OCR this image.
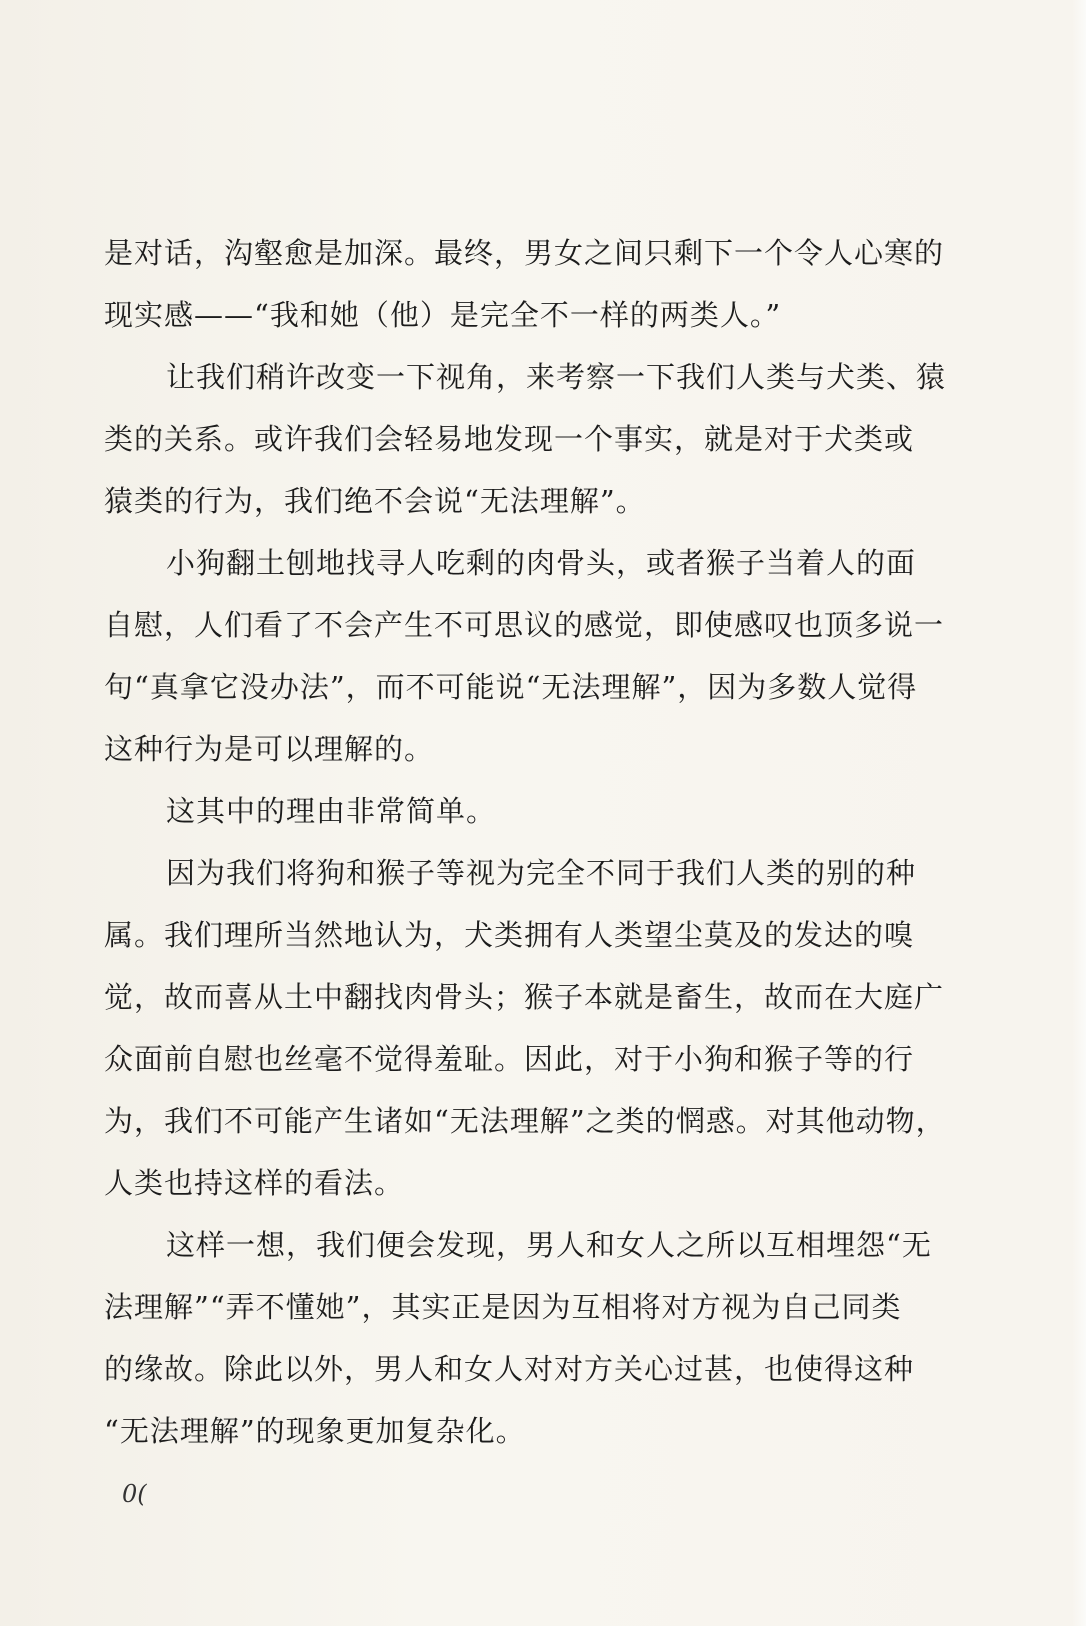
是对话，沟壑愈是加深。最终，男女之间只剩下一个令人心寒的
现实感——“我和她（他）是完全不一样的两类人。”
让我们稍许改变一下视角，来考察一下我们人类与犬类、猿
类的关系。或许我们会轻易地发现一个事实，就是对于犬类或
猿类的行为，我们绝不会说“无法理解”。
小狗翻土刨地找寻人吃剩的肉骨头，或者猴子当着人的面
自慰，人们看了不会产生不可思议的感觉，即使感叹也顶多说一
句“真拿它没办法”，而不可能说“无法理解”，因为多数人觉得
这种行为是可以理解的。
这其中的理由非常简单。
因为我们将狗和猴子等视为完全不同于我们人类的别的种
属。我们理所当然地认为，犬类拥有人类望尘莫及的发达的嗅
觉，故而喜从土中翻找肉骨头；猴子本就是畜生，故而在大庭广
众面前自慰也丝毫不觉得羞耻。因此，对于小狗和猴子等的行
为，我们不可能产生诸如“无法理解”之类的惘惑。对其他动物，
人类也持这样的看法。
这样一想，我们便会发现，男人和女人之所以互相埋怨“无
法理解”“弄不懂她”，其实正是因为互相将对方视为自己同类
的缘故。除此以外，男人和女人对对方关心过甚，也使得这种
“无法理解”的现象更加复杂化。
0(
